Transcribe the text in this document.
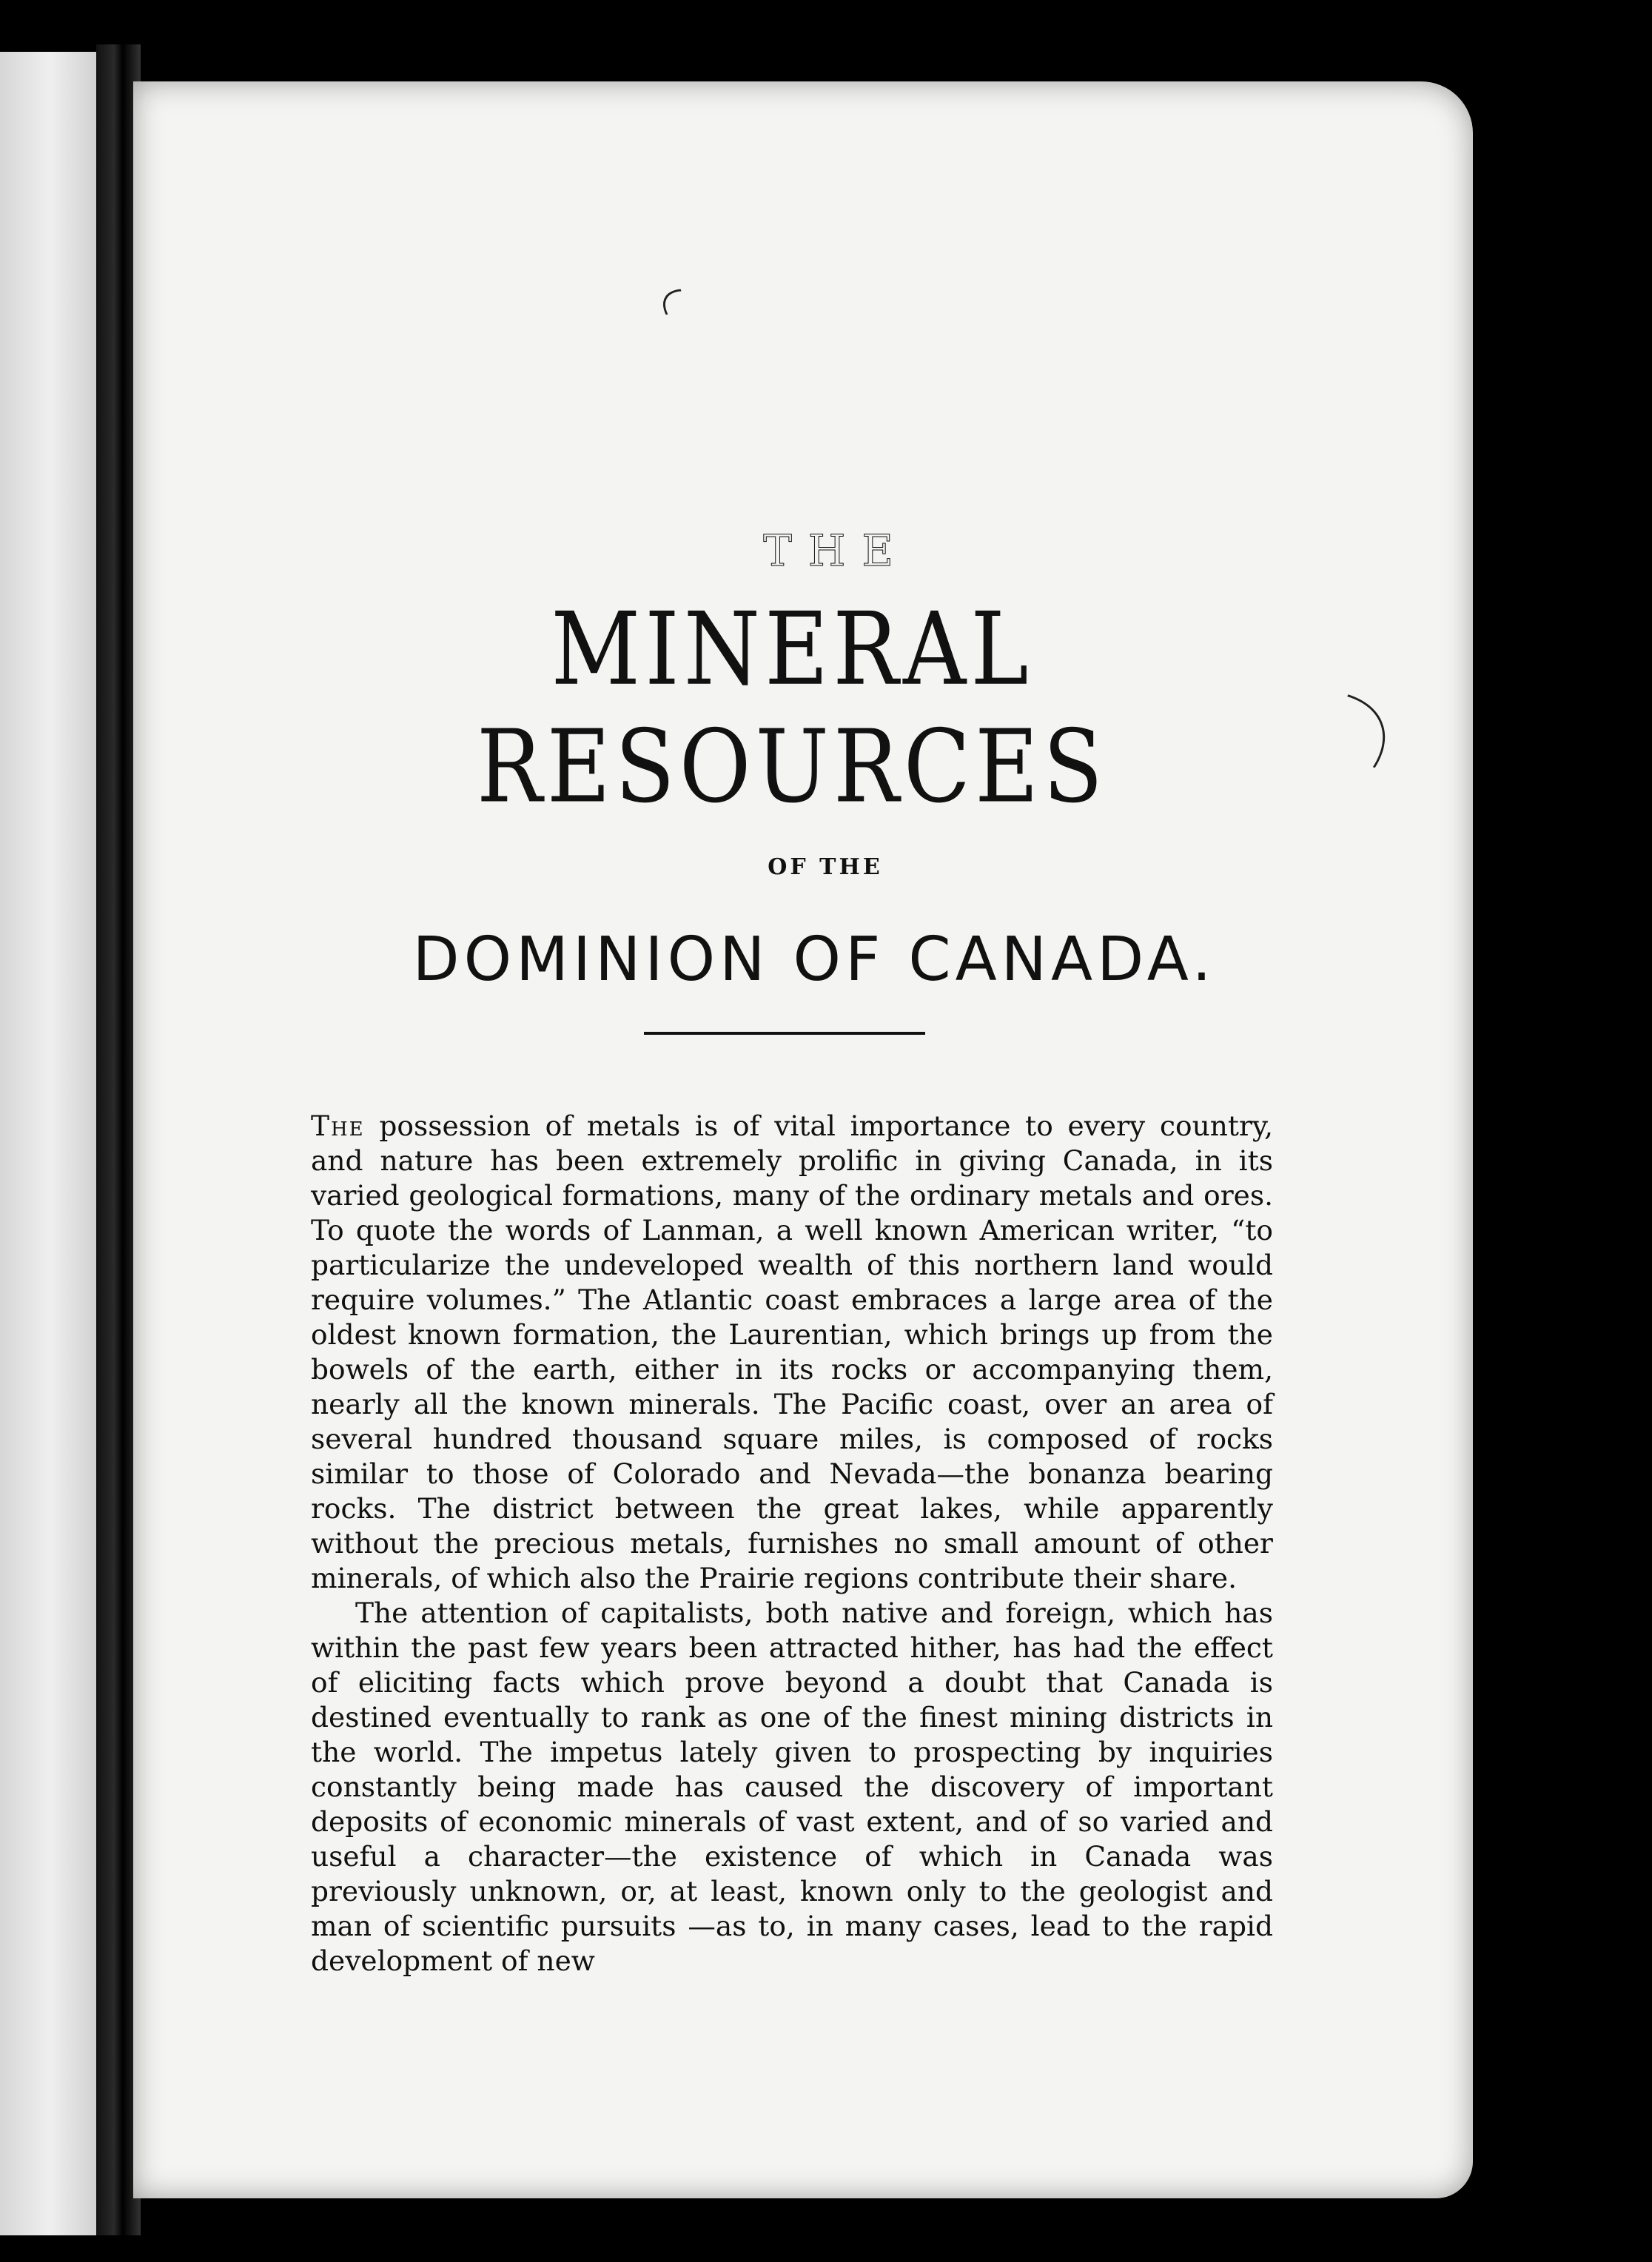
THE
MINERAL RESOURCES
OF THE
DOMINION OF CANADA.

The possession of metals is of vital importance to every country, and nature has been extremely prolific in giving Canada, in its varied geological formations, many of the ordinary metals and ores. To quote the words of Lanman, a well known American writer, “to particularize the undeveloped wealth of this northern land would require volumes.” The Atlantic coast embraces a large area of the oldest known formation, the Laurentian, which brings up from the bowels of the earth, either in its rocks or accompanying them, nearly all the known minerals. The Pacific coast, over an area of several hundred thousand square miles, is composed of rocks similar to those of Colorado and Nevada—the bonanza bearing rocks. The district between the great lakes, while apparently without the precious metals, furnishes no small amount of other minerals, of which also the Prairie regions contribute their share.

The attention of capitalists, both native and foreign, which has within the past few years been attracted hither, has had the effect of eliciting facts which prove beyond a doubt that Canada is destined eventually to rank as one of the finest mining districts in the world. The impetus lately given to prospecting by inquiries constantly being made has caused the discovery of important deposits of economic minerals of vast extent, and of so varied and useful a character—the existence of which in Canada was previously unknown, or, at least, known only to the geologist and man of scientific pursuits —as to, in many cases, lead to the rapid development of new
